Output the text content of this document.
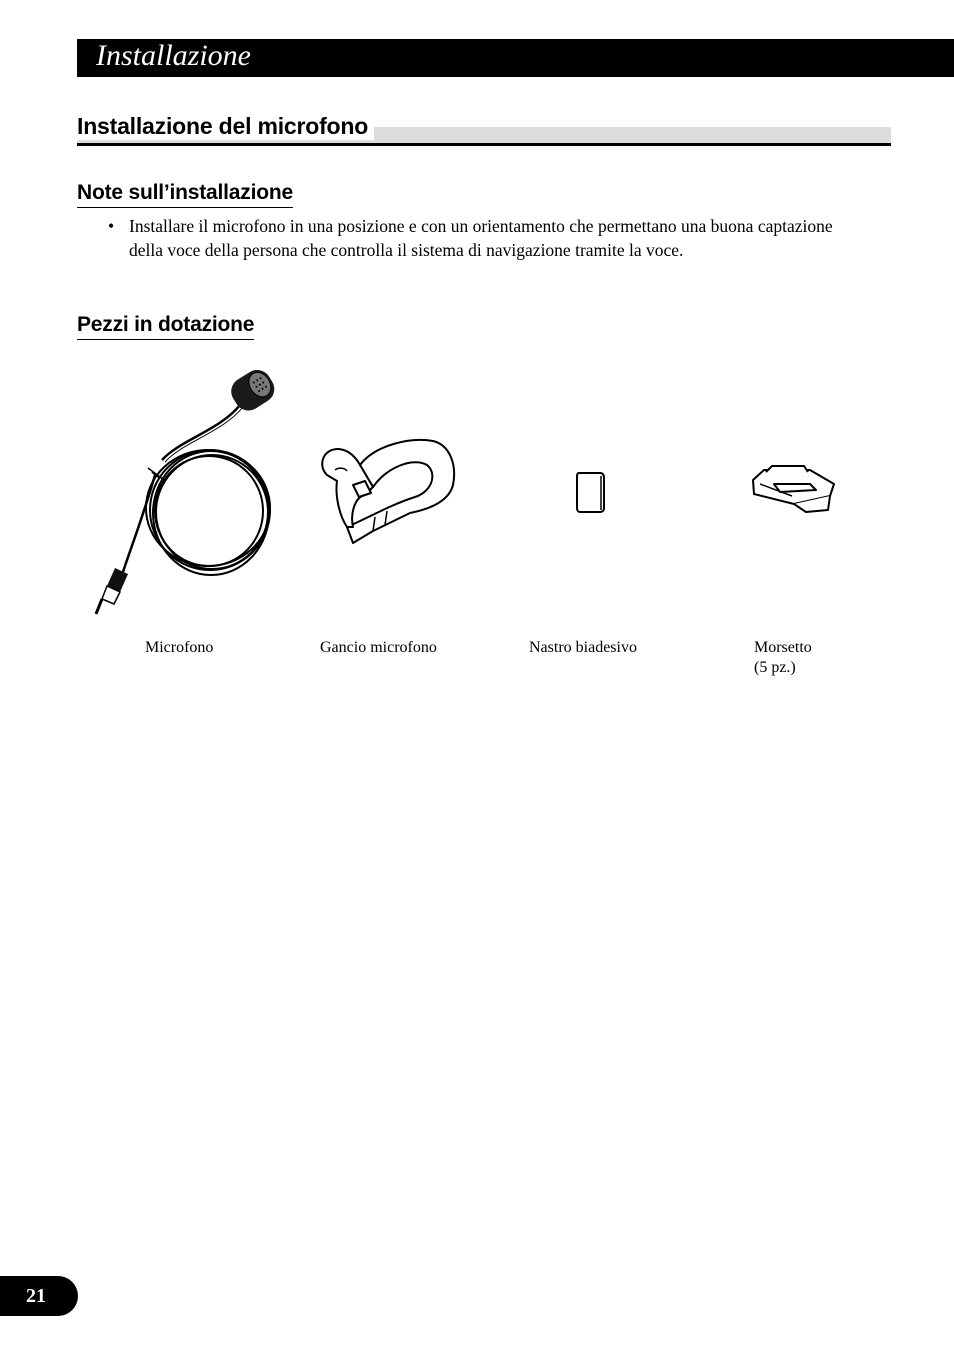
Installazione
Installazione del microfono
Note sull’installazione
• Installare il microfono in una posizione e con un orientamento che permettano una buona captazione della voce della persona che controlla il sistema di navigazione tramite la voce.
Pezzi in dotazione
Microfono	Gancio microfono	Nastro biadesivo	Morsetto
(5 pz.)
21
